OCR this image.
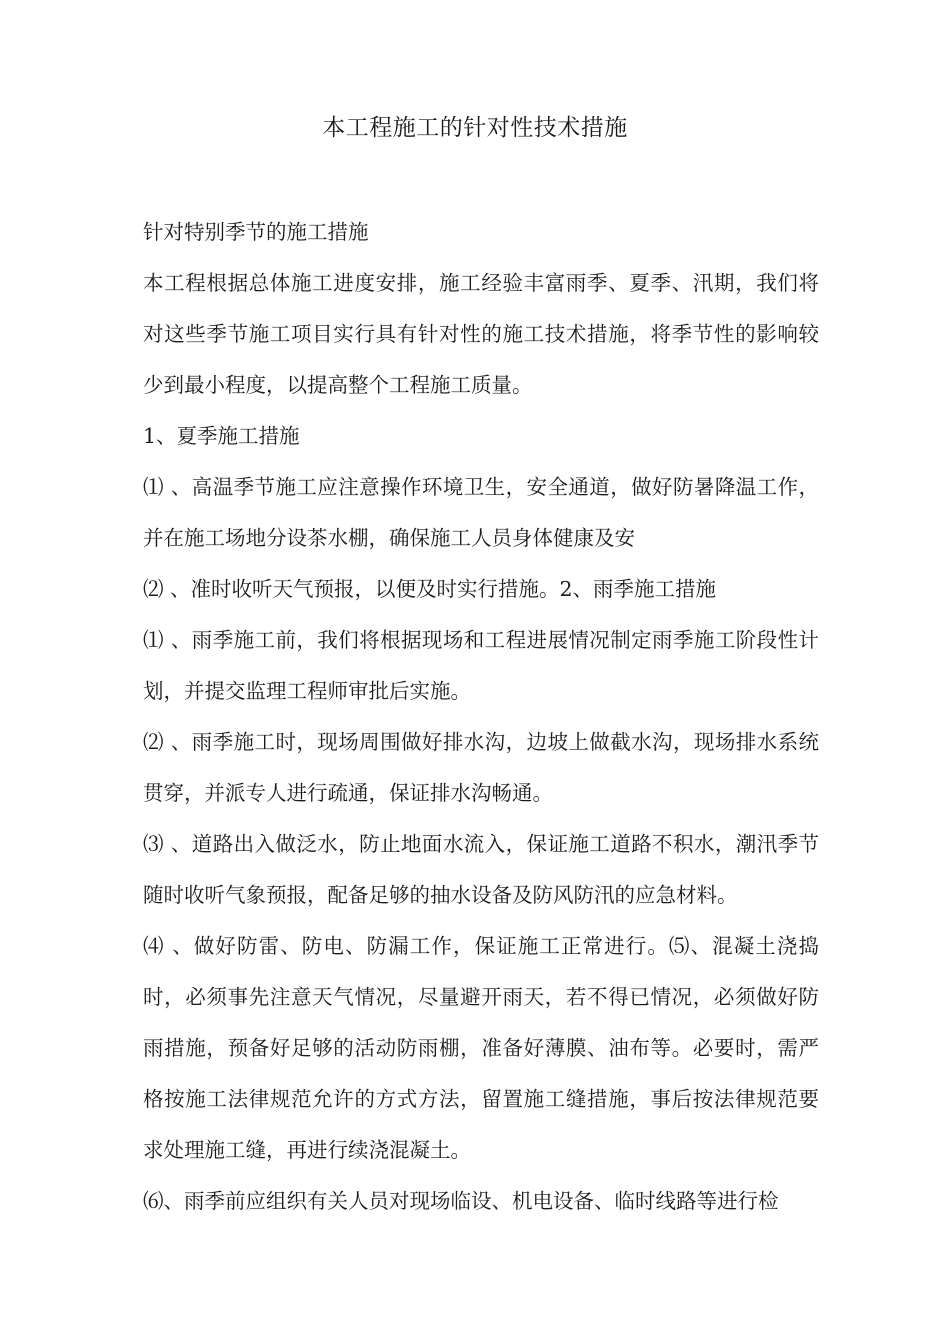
本工程施工的针对性技术措施

针对特别季节的施工措施

本工程根据总体施工进度安排，施工经验丰富雨季、夏季、汛期，我们将对这些季节施工项目实行具有针对性的施工技术措施，将季节性的影响较少到最小程度，以提高整个工程施工质量。

1、夏季施工措施

⑴ 、高温季节施工应注意操作环境卫生，安全通道，做好防暑降温工作，并在施工场地分设茶水棚，确保施工人员身体健康及安

⑵ 、准时收听天气预报，以便及时实行措施。2、雨季施工措施

⑴ 、雨季施工前，我们将根据现场和工程进展情况制定雨季施工阶段性计划，并提交监理工程师审批后实施。

⑵ 、雨季施工时，现场周围做好排水沟，边坡上做截水沟，现场排水系统贯穿，并派专人进行疏通，保证排水沟畅通。

⑶ 、道路出入做泛水，防止地面水流入，保证施工道路不积水，潮汛季节随时收听气象预报，配备足够的抽水设备及防风防汛的应急材料。

⑷ 、做好防雷、防电、防漏工作，保证施工正常进行。⑸、混凝土浇捣时，必须事先注意天气情况，尽量避开雨天，若不得已情况，必须做好防雨措施，预备好足够的活动防雨棚，准备好薄膜、油布等。必要时，需严格按施工法律规范允许的方式方法，留置施工缝措施，事后按法律规范要求处理施工缝，再进行续浇混凝土。

⑹、雨季前应组织有关人员对现场临设、机电设备、临时线路等进行检
